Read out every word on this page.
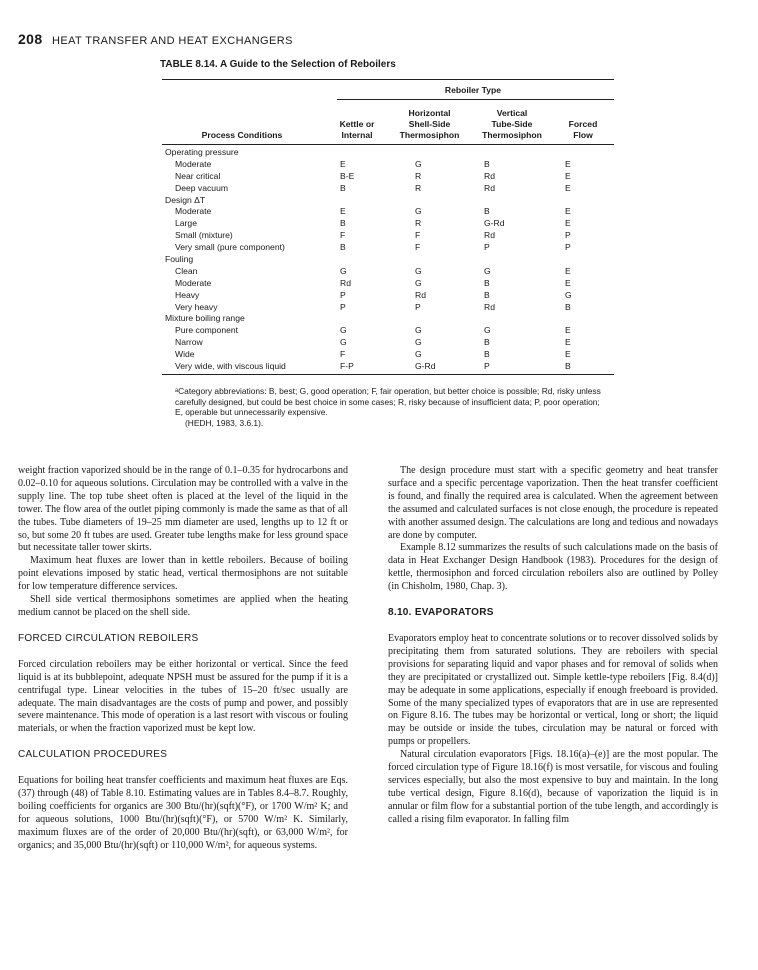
208 HEAT TRANSFER AND HEAT EXCHANGERS
TABLE 8.14. A Guide to the Selection of Reboilers
Reboiler Type
Process Conditions
Kettle or
Internal
Horizontal
Shell-Side
Thermosiphon
Vertical
Tube-Side
Thermosiphon
Forced
Flow
Operating pressure
Moderate	E	G	B	E
Near critical	B-E	R	Rd	E
Deep vacuum	B	R	Rd	E
Design ΔT
Moderate	E	G	B	E
Large	B	R	G-Rd	E
Small (mixture)	F	F	Rd	P
Very small (pure component)	B	F	P	P
Fouling
Clean	G	G	G	E
Moderate	Rd	G	B	E
Heavy	P	Rd	B	G
Very heavy	P	P	Rd	B
Mixture boiling range
Pure component	G	G	G	E
Narrow	G	G	B	E
Wide	F	G	B	E
Very wide, with viscous liquid	F-P	G-Rd	P	B
ᵃCategory abbreviations: B, best; G, good operation; F, fair operation, but better choice is possible; Rd, risky unless carefully designed, but could be best choice in some cases; R, risky because of insufficient data; P, poor operation; E, operable but unnecessarily expensive.
(HEDH, 1983, 3.6.1).

weight fraction vaporized should be in the range of 0.1–0.35 for hydrocarbons and 0.02–0.10 for aqueous solutions. Circulation may be controlled with a valve in the supply line. The top tube sheet often is placed at the level of the liquid in the tower. The flow area of the outlet piping commonly is made the same as that of all the tubes. Tube diameters of 19–25 mm diameter are used, lengths up to 12 ft or so, but some 20 ft tubes are used. Greater tube lengths make for less ground space but necessitate taller tower skirts.

Maximum heat fluxes are lower than in kettle reboilers. Because of boiling point elevations imposed by static head, vertical thermosiphons are not suitable for low temperature difference services.

Shell side vertical thermosiphons sometimes are applied when the heating medium cannot be placed on the shell side.

FORCED CIRCULATION REBOILERS

Forced circulation reboilers may be either horizontal or vertical. Since the feed liquid is at its bubblepoint, adequate NPSH must be assured for the pump if it is a centrifugal type. Linear velocities in the tubes of 15–20 ft/sec usually are adequate. The main disadvantages are the costs of pump and power, and possibly severe maintenance. This mode of operation is a last resort with viscous or fouling materials, or when the fraction vaporized must be kept low.

CALCULATION PROCEDURES

Equations for boiling heat transfer coefficients and maximum heat fluxes are Eqs. (37) through (48) of Table 8.10. Estimating values are in Tables 8.4–8.7. Roughly, boiling coefficients for organics are 300 Btu/(hr)(sqft)(°F), or 1700 W/m² K; and for aqueous solutions, 1000 Btu/(hr)(sqft)(°F), or 5700 W/m² K. Similarly, maximum fluxes are of the order of 20,000 Btu/(hr)(sqft), or 63,000 W/m², for organics; and 35,000 Btu/(hr)(sqft) or 110,000 W/m², for aqueous systems.

The design procedure must start with a specific geometry and heat transfer surface and a specific percentage vaporization. Then the heat transfer coefficient is found, and finally the required area is calculated. When the agreement between the assumed and calculated surfaces is not close enough, the procedure is repeated with another assumed design. The calculations are long and tedious and nowadays are done by computer.

Example 8.12 summarizes the results of such calculations made on the basis of data in Heat Exchanger Design Handbook (1983). Procedures for the design of kettle, thermosiphon and forced circulation reboilers also are outlined by Polley (in Chisholm, 1980, Chap. 3).

8.10. EVAPORATORS

Evaporators employ heat to concentrate solutions or to recover dissolved solids by precipitating them from saturated solutions. They are reboilers with special provisions for separating liquid and vapor phases and for removal of solids when they are precipitated or crystallized out. Simple kettle-type reboilers [Fig. 8.4(d)] may be adequate in some applications, especially if enough freeboard is provided. Some of the many specialized types of evaporators that are in use are represented on Figure 8.16. The tubes may be horizontal or vertical, long or short; the liquid may be outside or inside the tubes, circulation may be natural or forced with pumps or propellers.

Natural circulation evaporators [Figs. 18.16(a)–(e)] are the most popular. The forced circulation type of Figure 18.16(f) is most versatile, for viscous and fouling services especially, but also the most expensive to buy and maintain. In the long tube vertical design, Figure 8.16(d), because of vaporization the liquid is in annular or film flow for a substantial portion of the tube length, and accordingly is called a rising film evaporator. In falling film
